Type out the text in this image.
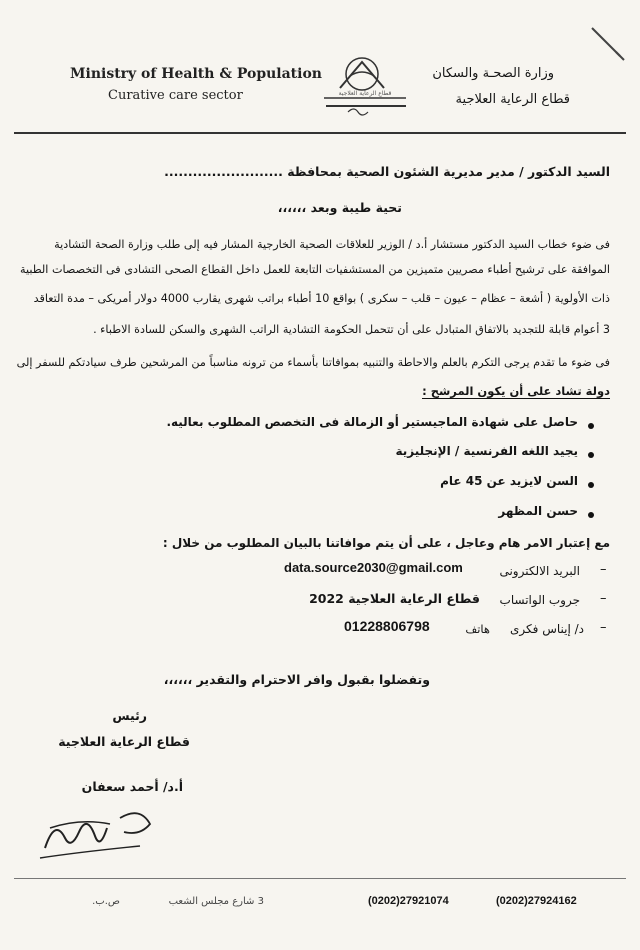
Ministry of Health & Population
Curative care sector	قطاع الرعاية العلاجية
وزارة الصحـة والسكان
قطاع الرعاية العلاجية
السيد الدكتور / مدير مديرية الشئون الصحية بمحافظة .........................
تحية طيبة وبعد ،،،،،،
فى ضوء خطاب السيد الدكتور مستشار أ.د / الوزير للعلاقات الصحية الخارجية المشار فيه إلى طلب وزارة الصحة التشادية
الموافقة على ترشيح أطباء مصريين متميزين من المستشفيات التابعة للعمل داخل القطاع الصحى التشادى فى التخصصات الطبية
ذات الأولوية ( أشعة – عظام – عيون – قلب – سكرى ) بواقع 10 أطباء براتب شهرى يقارب 4000 دولار أمريكى – مدة التعاقد
3 أعوام قابلة للتجديد بالاتفاق المتبادل على أن تتحمل الحكومة التشادية الراتب الشهرى والسكن للسادة الاطباء .
فى ضوء ما تقدم يرجى التكرم بالعلم والاحاطة والتنبيه بموافاتنا بأسماء من ترونه مناسباً من المرشحين طرف سيادتكم للسفر إلى
دولة تشاد على أن يكون المرشح :
حاصل على شهادة الماجيستير أو الزمالة فى التخصص المطلوب بعاليه.
يجيد اللغه الفرنسية / الإنجليزية
السن لايزيد عن 45 عام
حسن المظهر
مع إعتبار الامر هام وعاجل ، على أن يتم موافاتنا بالبيان المطلوب من خلال :
–
البريد الالكترونى
data.source2030@gmail.com
–
جروب الواتساب
قطاع الرعاية العلاجية 2022
–
د/ إيناس فكرى
هاتف
01228806798
وتفضلوا بقبول وافر الاحترام والتقدير ،،،،،،
رئيس
قطاع الرعاية العلاجية
أ.د/ أحمد سعفان
(0202)27924162
(0202)27921074
3 شارع مجلس الشعب
ص.ب.
